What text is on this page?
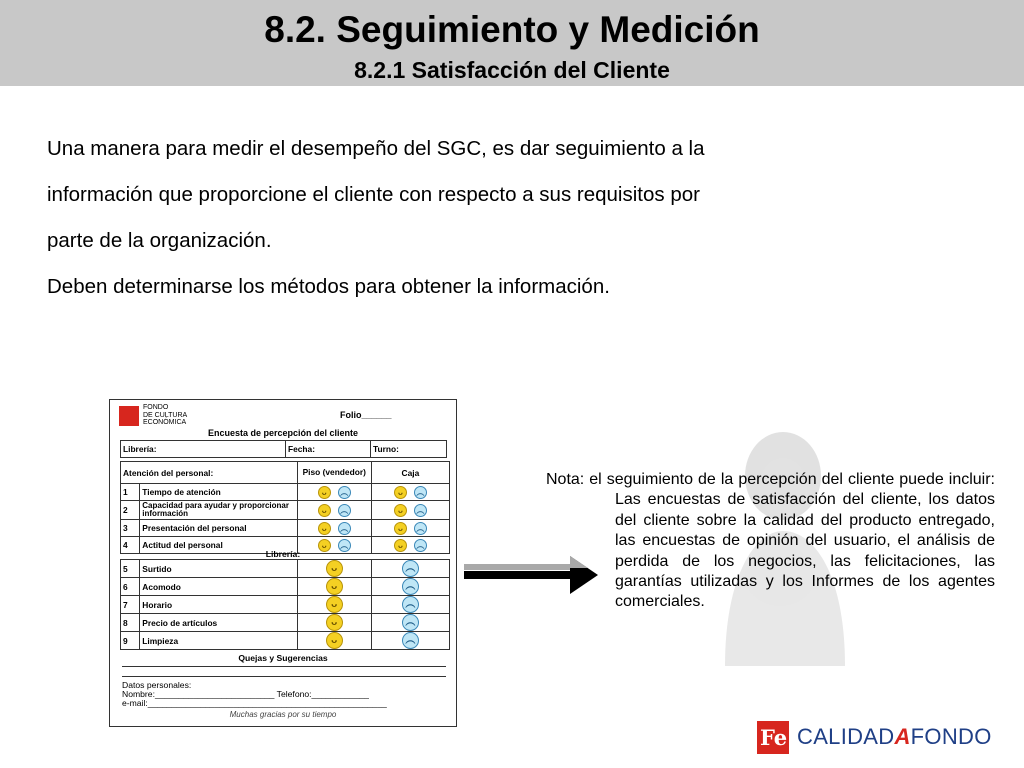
8.2. Seguimiento y Medición
8.2.1 Satisfacción del Cliente

Una manera para medir el desempeño del SGC, es dar seguimiento a la

información que proporcione el cliente con respecto a sus requisitos por

parte de la organización.

Deben determinarse los métodos para obtener la información.

FONDO
DE CULTURA
ECONÓMICA
Folio______
Encuesta de percepción del cliente
Librería:	Fecha:	Turno:
Atención del personal:		Piso (vendedor)	Caja
1	Tiempo de atención	ᴗ ︵	ᴗ ︵
2	Capacidad para ayudar y proporcionar información	ᴗ ︵	ᴗ ︵
3	Presentación del personal	ᴗ ︵	ᴗ ︵
4	Actitud del personal	ᴗ ︵	ᴗ ︵
Librería:
5	Surtido	ᴗ	︵
6	Acomodo	ᴗ	︵
7	Horario	ᴗ	︵
8	Precio de artículos	ᴗ	︵
9	Limpieza	ᴗ	︵
Quejas y Sugerencias
Datos personales:
Nombre:_________________________ Telefono:____________
e-mail:__________________________________________________
Muchas gracias por su tiempo
Nota: el seguimiento de la percepción del cliente puede incluir: Las encuestas de satisfacción del cliente, los datos del cliente sobre la calidad del producto entregado, las encuestas de opinión del usuario, el análisis de perdida de los negocios, las felicitaciones, las garantías utilizadas y los Informes de los agentes comerciales.
Fe CALIDADAFONDO
